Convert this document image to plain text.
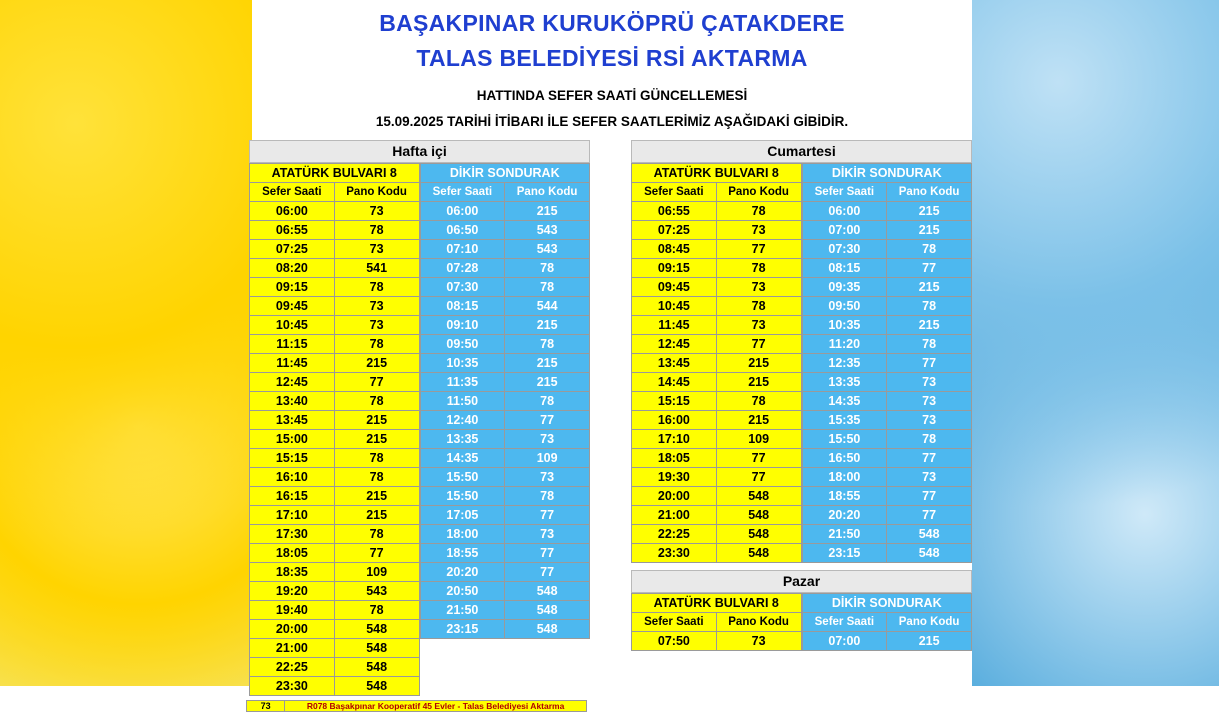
BAŞAKPINAR KURUKÖPRÜ ÇATAKDERE
TALAS BELEDİYESİ RSİ AKTARMA
HATTINDA SEFER SAATİ GÜNCELLEMESİ
15.09.2025 TARİHİ İTİBARI İLE SEFER SAATLERİMİZ AŞAĞIDAKİ GİBİDİR.
Hafta içi
ATATÜRK BULVARI 8	
Sefer Saati	Pano Kodu
06:00	73
06:55	78
07:25	73
08:20	541
09:15	78
09:45	73
10:45	73
11:15	78
11:45	215
12:45	77
13:40	78
13:45	215
15:00	215
15:15	78
16:10	78
16:15	215
17:10	215
17:30	78
18:05	77
18:35	109
19:20	543
19:40	78
20:00	548
21:00	548
22:25	548
23:30	548
DİKİR SONDURAK	
Sefer Saati	Pano Kodu
06:00	215
06:50	543
07:10	543
07:28	78
07:30	78
08:15	544
09:10	215
09:50	78
10:35	215
11:35	215
11:50	78
12:40	77
13:35	73
14:35	109
15:50	73
15:50	78
17:05	77
18:00	73
18:55	77
20:20	77
20:50	548
21:50	548
23:15	548
73	R078 Başakpınar Kooperatif 45 Evler - Talas Belediyesi Aktarma
Cumartesi
ATATÜRK BULVARI 8	
Sefer Saati	Pano Kodu
06:55	78
07:25	73
08:45	77
09:15	78
09:45	73
10:45	78
11:45	73
12:45	77
13:45	215
14:45	215
15:15	78
16:00	215
17:10	109
18:05	77
19:30	77
20:00	548
21:00	548
22:25	548
23:30	548
DİKİR SONDURAK	
Sefer Saati	Pano Kodu
06:00	215
07:00	215
07:30	78
08:15	77
09:35	215
09:50	78
10:35	215
11:20	78
12:35	77
13:35	73
14:35	73
15:35	73
15:50	78
16:50	77
18:00	73
18:55	77
20:20	77
21:50	548
23:15	548
Pazar
ATATÜRK BULVARI 8	
Sefer Saati	Pano Kodu
07:50	73
DİKİR SONDURAK	
Sefer Saati	Pano Kodu
07:00	215
